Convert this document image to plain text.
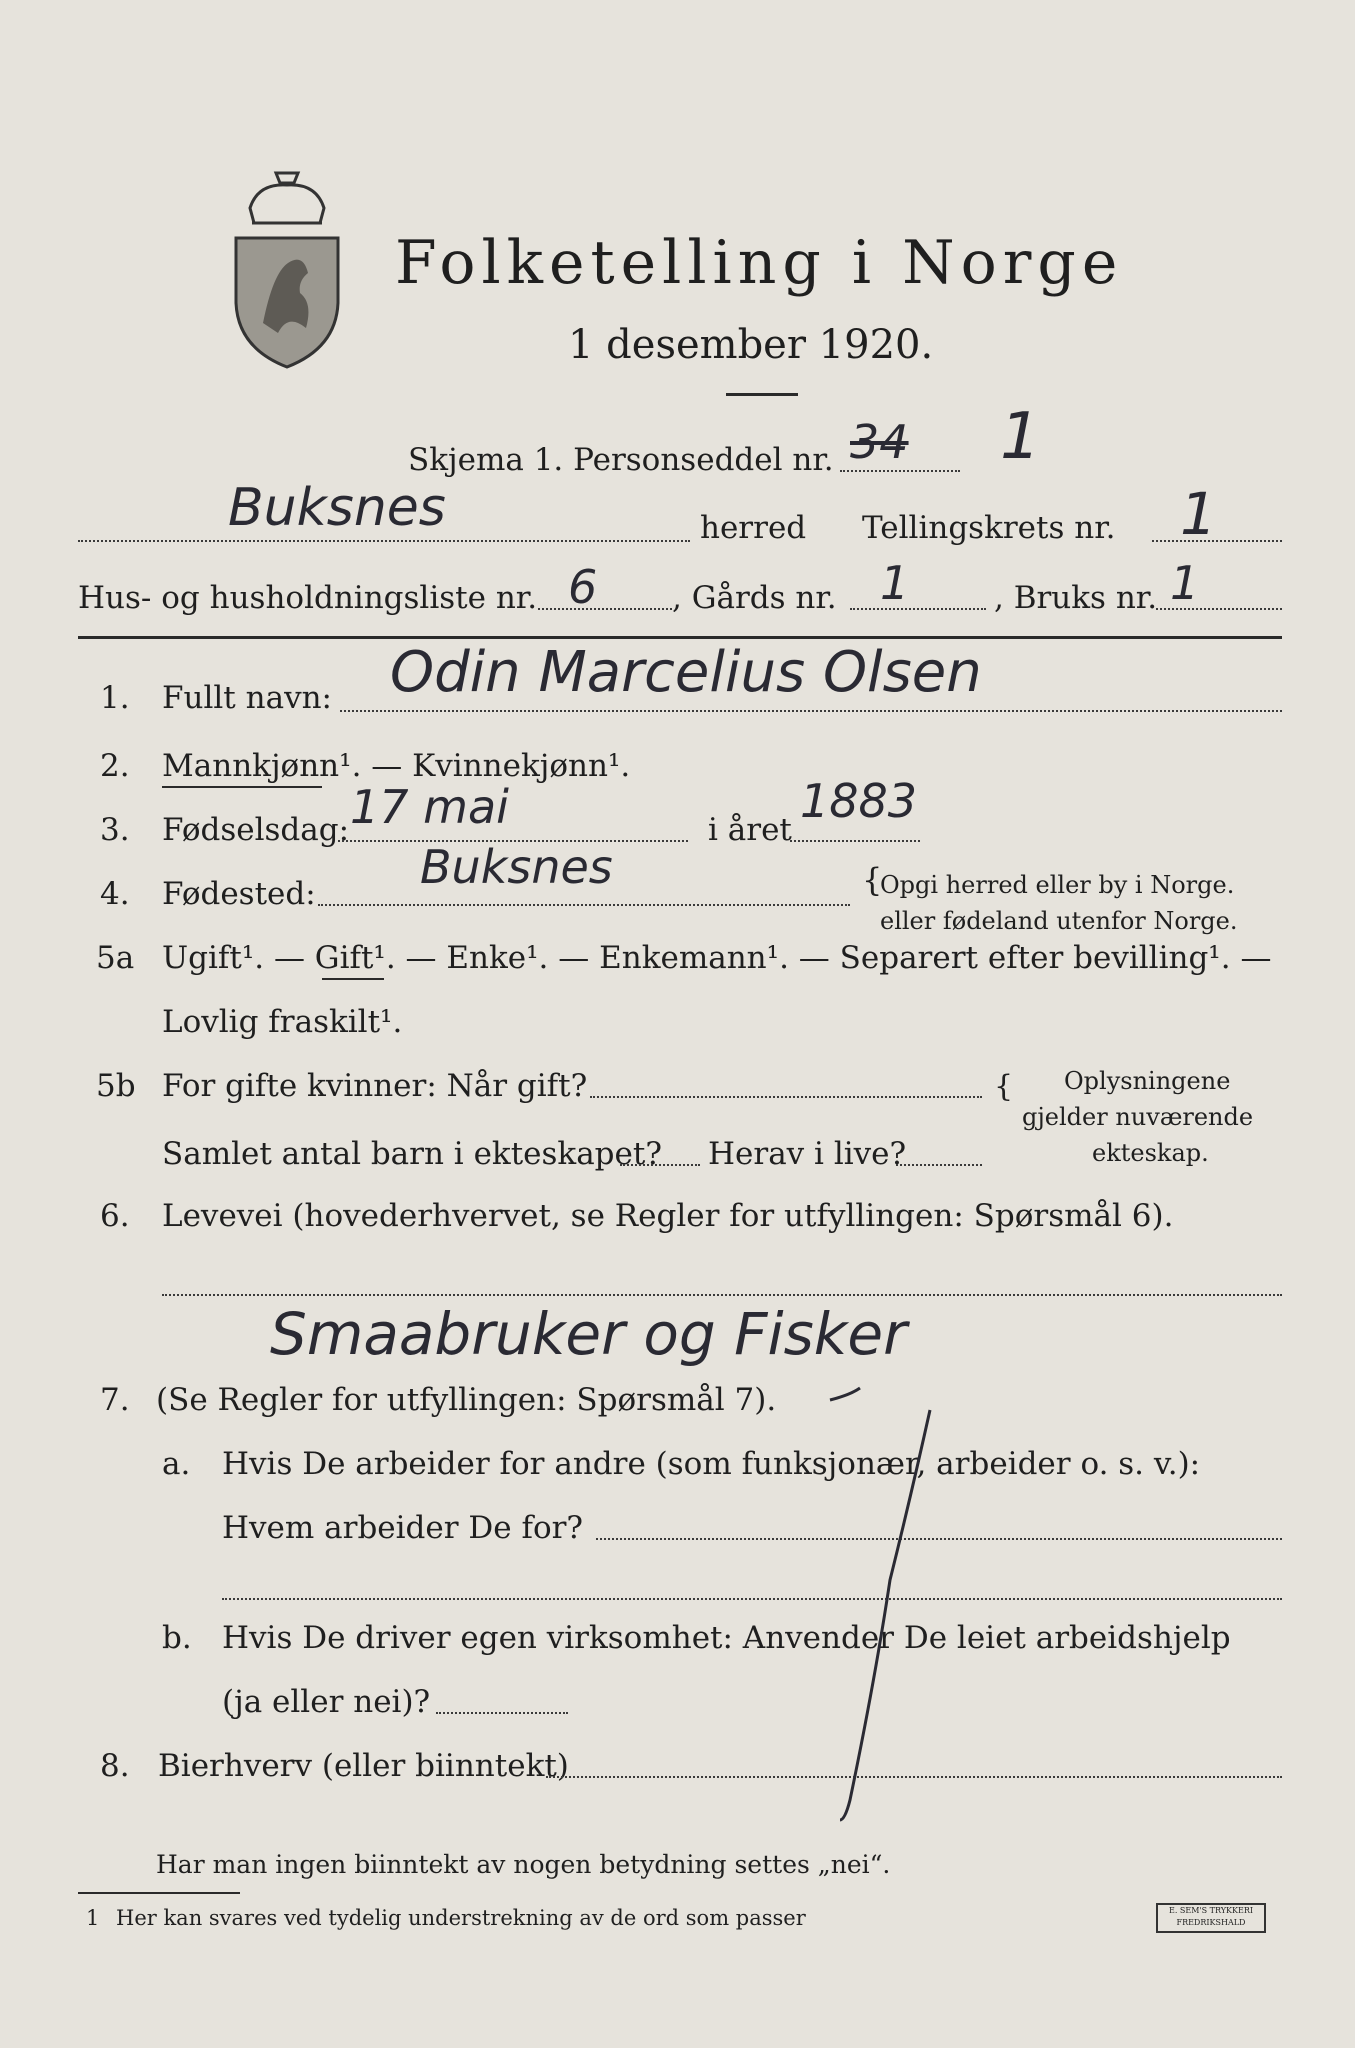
Folketelling i Norge
1 desember 1920.
Skjema 1. Personseddel nr. 34 1
Buksnes	herred Tellingskrets nr. 1
Hus- og husholdningsliste nr. 6 , Gårds nr. 1	, Bruks nr. 1
1. Fullt navn: Odin Marcelius Olsen
2. Mannkjønn¹. — Kvinnekjønn¹.
3. Fødselsdag: 17 mai	i året
1883
4. Fødested: Buksnes	{
Opgi herred eller by i Norge.
eller fødeland utenfor Norge.
5a Ugift¹. — Gift¹. — Enke¹. — Enkemann¹. — Separert efter bevilling¹. —
Lovlig fraskilt¹.
5b For gifte kvinner: Når gift?
Samlet antal barn i ekteskapet? Herav i live?
{ Oplysningene
gjelder nuværende
ekteskap.
6. Levevei (hovederhvervet, se Regler for utfyllingen: Spørsmål 6).
Smaabruker og Fisker
7. (Se Regler for utfyllingen: Spørsmål 7).
a. Hvis De arbeider for andre (som funksjonær, arbeider o. s. v.):
Hvem arbeider De for?
b. Hvis De driver egen virksomhet: Anvender De leiet arbeidshjelp
(ja eller nei)?
8. Bierhverv (eller biinntekt)
Har man ingen biinntekt av nogen betydning settes „nei“.
1 Her kan svares ved tydelig understrekning av de ord som passer	E. SEM'S TRYKKERI FREDRIKSHALD
